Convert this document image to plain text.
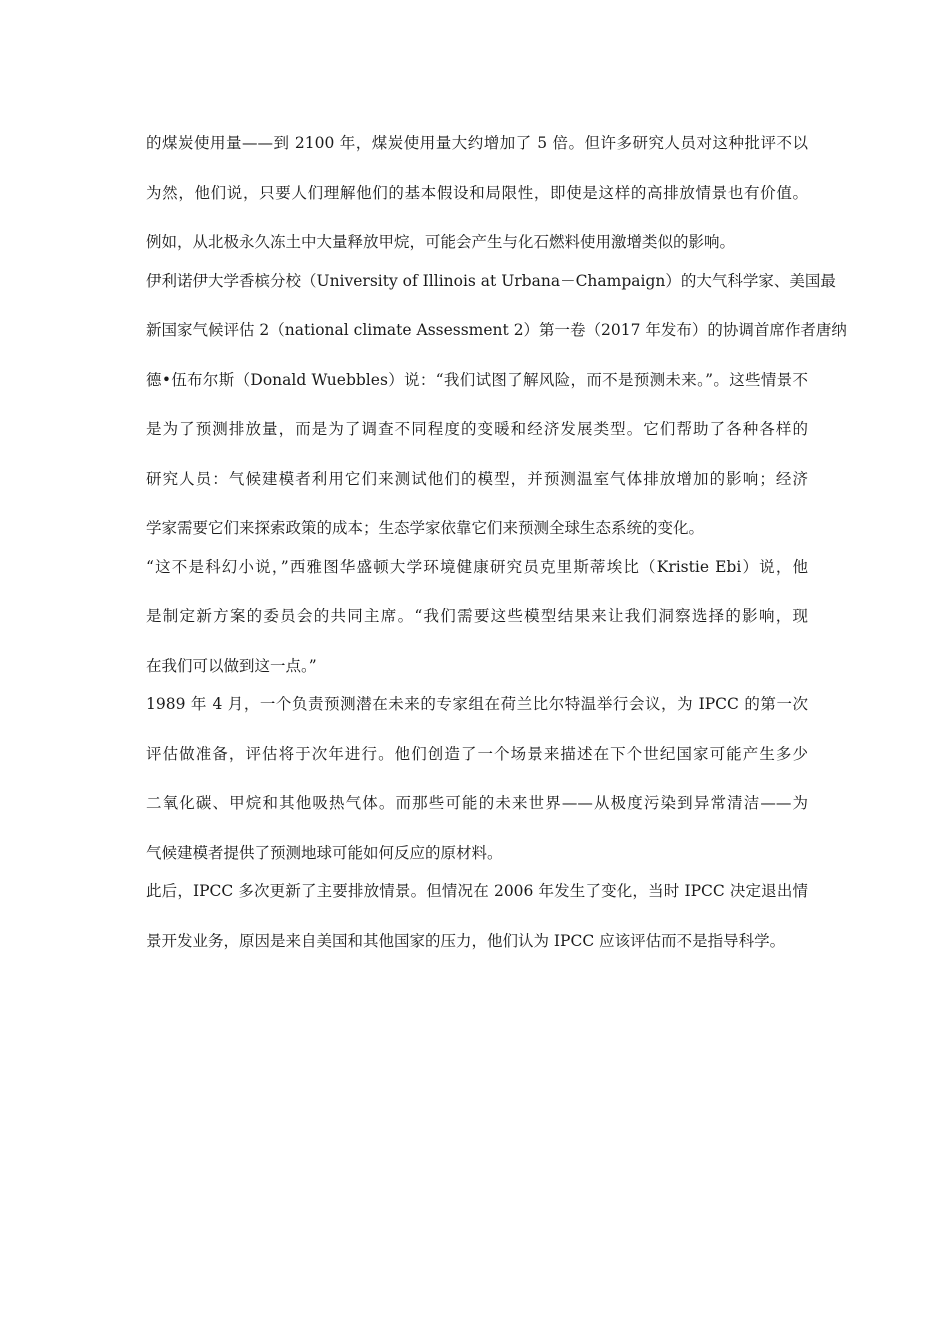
的煤炭使用量——到 2100 年，煤炭使用量大约增加了 5 倍。但许多研究人员对这种批评不以
为然，他们说，只要人们理解他们的基本假设和局限性，即使是这样的高排放情景也有价值。
例如，从北极永久冻土中大量释放甲烷，可能会产生与化石燃料使用激增类似的影响。

伊利诺伊大学香槟分校（University of Illinois at Urbana－Champaign）的大气科学家、美国最
新国家气候评估 2（national climate Assessment 2）第一卷（2017 年发布）的协调首席作者唐纳
德•伍布尔斯（Donald Wuebbles）说：“我们试图了解风险，而不是预测未来。”。这些情景不
是为了预测排放量，而是为了调查不同程度的变暖和经济发展类型。它们帮助了各种各样的
研究人员：气候建模者利用它们来测试他们的模型，并预测温室气体排放增加的影响；经济
学家需要它们来探索政策的成本；生态学家依靠它们来预测全球生态系统的变化。

“这不是科幻小说，”西雅图华盛顿大学环境健康研究员克里斯蒂埃比（Kristie Ebi）说，他
是制定新方案的委员会的共同主席。“我们需要这些模型结果来让我们洞察选择的影响，现
在我们可以做到这一点。”

1989 年 4 月，一个负责预测潜在未来的专家组在荷兰比尔特温举行会议，为 IPCC 的第一次
评估做准备，评估将于次年进行。他们创造了一个场景来描述在下个世纪国家可能产生多少
二氧化碳、甲烷和其他吸热气体。而那些可能的未来世界——从极度污染到异常清洁——为
气候建模者提供了预测地球可能如何反应的原材料。

此后，IPCC 多次更新了主要排放情景。但情况在 2006 年发生了变化，当时 IPCC 决定退出情
景开发业务，原因是来自美国和其他国家的压力，他们认为 IPCC 应该评估而不是指导科学。
